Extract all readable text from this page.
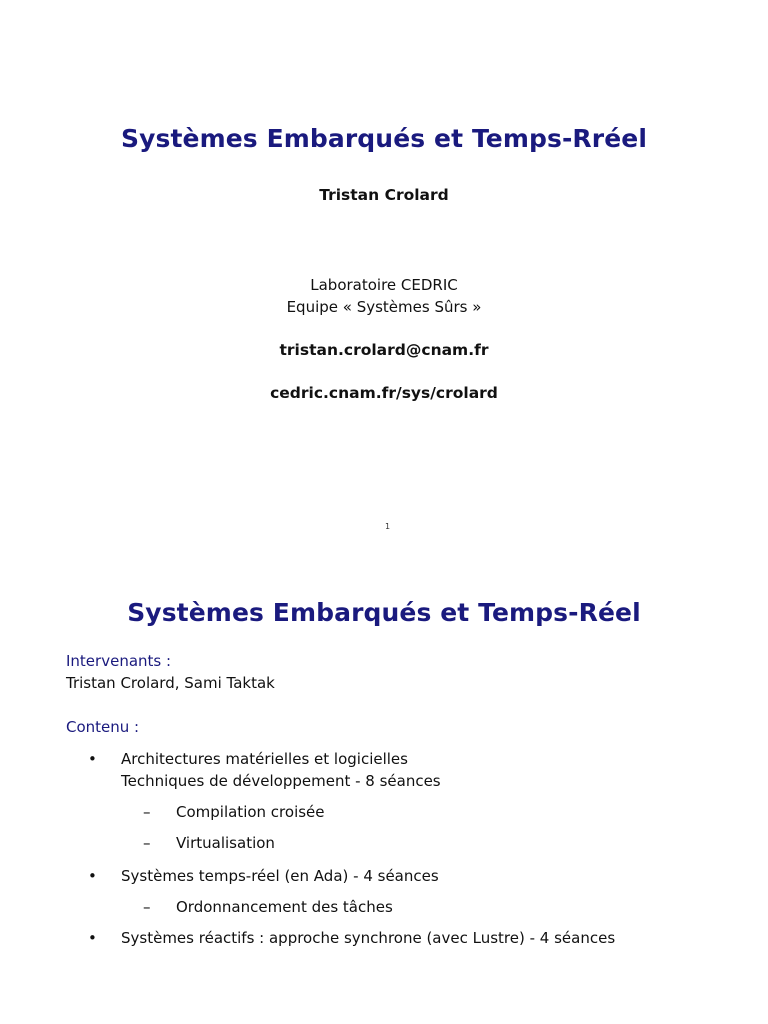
Systèmes Embarqués et Temps-Rréel
Tristan Crolard
Laboratoire CEDRIC
Equipe « Systèmes Sûrs »
tristan.crolard@cnam.fr
cedric.cnam.fr/sys/crolard
1
Systèmes Embarqués et Temps-Réel
Intervenants :
Tristan Crolard, Sami Taktak
Contenu :
• Architectures matérielles et logicielles
Techniques de développement - 8 séances
– Compilation croisée
– Virtualisation
• Systèmes temps-réel (en Ada) - 4 séances
– Ordonnancement des tâches
• Systèmes réactifs : approche synchrone (avec Lustre) - 4 séances
